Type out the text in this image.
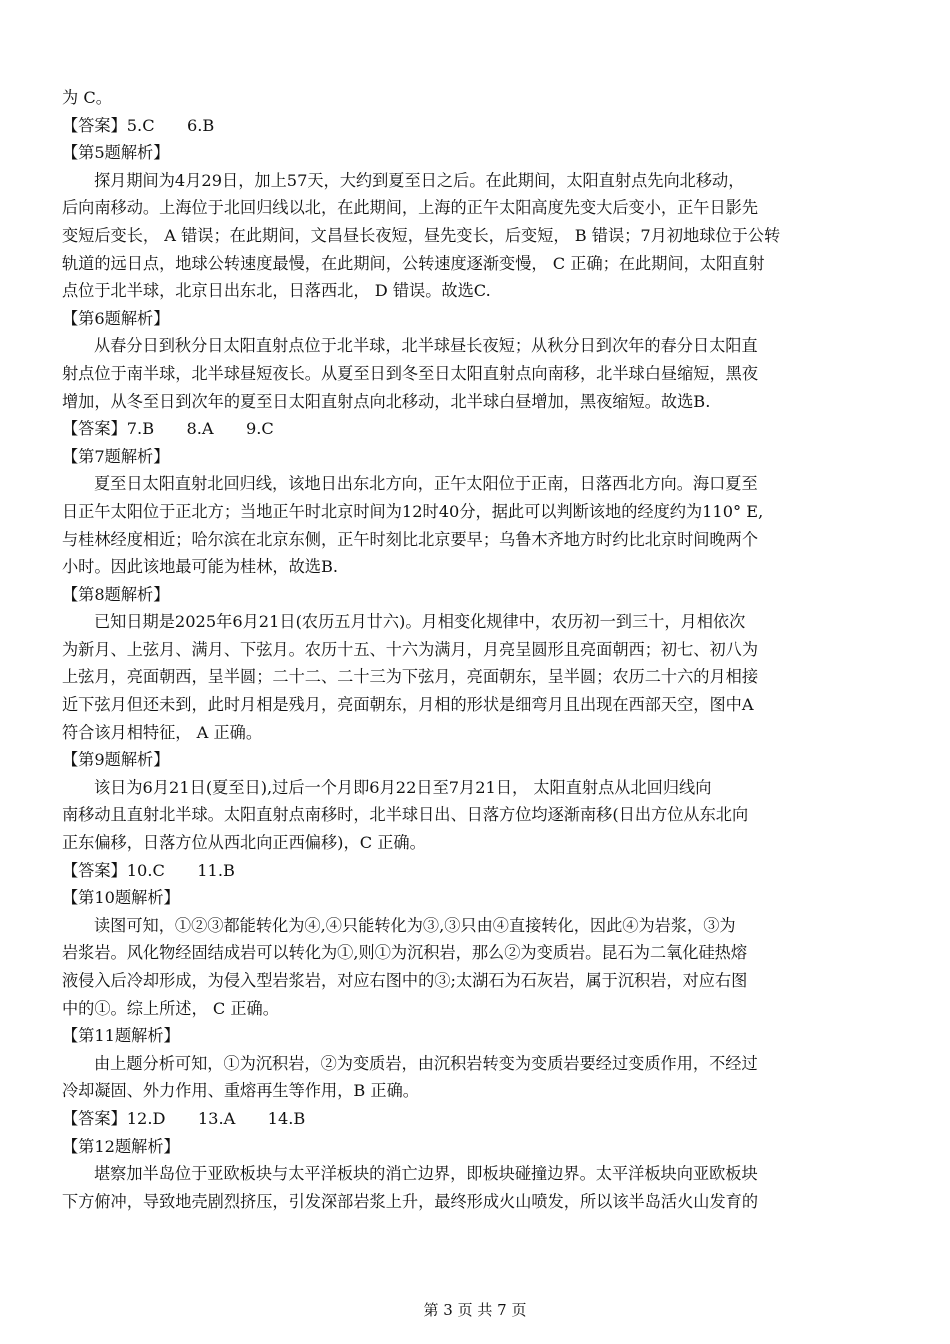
为 C。
【答案】5.C　　6.B
【第5题解析】
探月期间为4月29日，加上57天，大约到夏至日之后。在此期间，太阳直射点先向北移动，
后向南移动。上海位于北回归线以北，在此期间，上海的正午太阳高度先变大后变小，正午日影先
变短后变长， A 错误；在此期间，文昌昼长夜短，昼先变长，后变短， B 错误；7月初地球位于公转
轨道的远日点，地球公转速度最慢，在此期间，公转速度逐渐变慢， C 正确；在此期间，太阳直射
点位于北半球，北京日出东北，日落西北， D 错误。故选C.
【第6题解析】
从春分日到秋分日太阳直射点位于北半球，北半球昼长夜短；从秋分日到次年的春分日太阳直
射点位于南半球，北半球昼短夜长。从夏至日到冬至日太阳直射点向南移，北半球白昼缩短，黑夜
增加，从冬至日到次年的夏至日太阳直射点向北移动，北半球白昼增加，黑夜缩短。故选B.
【答案】7.B　　8.A　　9.C
【第7题解析】
夏至日太阳直射北回归线，该地日出东北方向，正午太阳位于正南，日落西北方向。海口夏至
日正午太阳位于正北方；当地正午时北京时间为12时40分，据此可以判断该地的经度约为110° E,
与桂林经度相近；哈尔滨在北京东侧，正午时刻比北京要早；乌鲁木齐地方时约比北京时间晚两个
小时。因此该地最可能为桂林，故选B.
【第8题解析】
已知日期是2025年6月21日(农历五月廿六)。月相变化规律中，农历初一到三十，月相依次
为新月、上弦月、满月、下弦月。农历十五、十六为满月，月亮呈圆形且亮面朝西；初七、初八为
上弦月，亮面朝西，呈半圆；二十二、二十三为下弦月，亮面朝东，呈半圆；农历二十六的月相接
近下弦月但还未到，此时月相是残月，亮面朝东，月相的形状是细弯月且出现在西部天空，图中A
符合该月相特征， A 正确。
【第9题解析】
该日为6月21日(夏至日),过后一个月即6月22日至7月21日， 太阳直射点从北回归线向
南移动且直射北半球。太阳直射点南移时，北半球日出、日落方位均逐渐南移(日出方位从东北向
正东偏移，日落方位从西北向正西偏移)，C 正确。
【答案】10.C　　11.B
【第10题解析】
读图可知，①②③都能转化为④,④只能转化为③,③只由④直接转化，因此④为岩浆，③为
岩浆岩。风化物经固结成岩可以转化为①,则①为沉积岩，那么②为变质岩。昆石为二氧化硅热熔
液侵入后冷却形成，为侵入型岩浆岩，对应右图中的③;太湖石为石灰岩，属于沉积岩，对应右图
中的①。综上所述， C 正确。
【第11题解析】
由上题分析可知，①为沉积岩，②为变质岩，由沉积岩转变为变质岩要经过变质作用，不经过
冷却凝固、外力作用、重熔再生等作用，B 正确。
【答案】12.D　　13.A　　14.B
【第12题解析】
堪察加半岛位于亚欧板块与太平洋板块的消亡边界，即板块碰撞边界。太平洋板块向亚欧板块
下方俯冲，导致地壳剧烈挤压，引发深部岩浆上升，最终形成火山喷发，所以该半岛活火山发育的
第 3 页 共 7 页
